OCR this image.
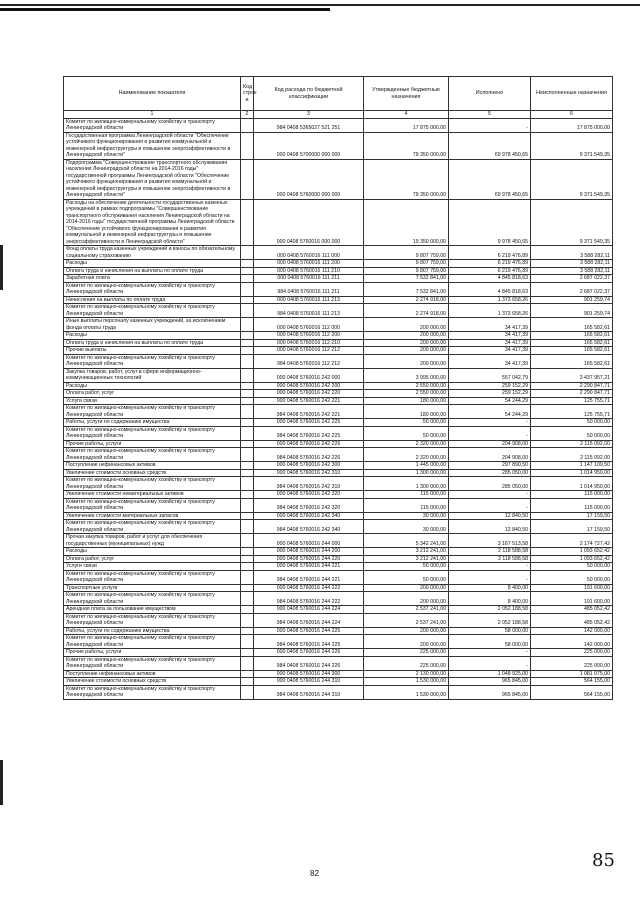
Наименование показателя	Код строк и	Код расхода по бюджетной классификации	Утвержденные бюджетные назначения	Исполнено	Неисполненные назначения
1	2	3	4	5	6
Комитет по жилищно-коммунальному хозяйству и транспорту Ленинградской области		984 0408 5365027 521 251	17 875 000,00	-	17 875 000,00
Государственная программа Ленинградской области "Обеспечение устойчивого функционирования и развития коммунальной и инженерной инфраструктуры и повышение энергоэффективности в Ленинградской области"		000 0408 5700000 000 000	79 350 000,00	69 978 450,65	9 371 549,35
Подпрограмма "Совершенствование транспортного обслуживания населения Ленинградской области на 2014-2016 годы" государственной программы Ленинградской области "Обеспечение устойчивого функционирования и развития коммунальной и инженерной инфраструктуры и повышение энергоэффективности в Ленинградской области"		000 0408 5760000 000 000	79 350 000,00	69 978 450,65	9 371 549,35
Расходы на обеспечение деятельности государственных казенных учреждений в рамках подпрограммы "Совершенствование транспортного обслуживания населения Ленинградской области на 2014-2016 годы" государственной программы Ленинградской области "Обеспечение устойчивого функционирования и развития коммунальной и инженерной инфраструктуры и повышение энергоэффективности в Ленинградской области"		000 0408 5760016 000 000	19 350 000,00	9 978 450,65	9 371 549,35
Фонд оплаты труда казенных учреждений и взносы по обязательному социальному страхованию		000 0408 5760016 111 000	9 807 759,00	6 219 476,89	3 588 282,11
Расходы		000 0408 5760016 111 200	9 807 759,00	6 219 476,89	3 588 282,11
Оплата труда и начисления на выплаты по оплате труда		000 0408 5760016 111 210	9 807 759,00	6 219 476,89	3 588 282,11
Заработная плата		000 0408 5760016 111 211	7 532 841,00	4 845 818,63	2 687 022,37
Комитет по жилищно-коммунальному хозяйству и транспорту Ленинградской области		984 0408 5760016 111 211	7 532 841,00	4 845 818,63	2 687 022,37
Начисления на выплаты по оплате труда		000 0408 5760016 111 213	2 274 918,00	1 373 658,26	901 259,74
Комитет по жилищно-коммунальному хозяйству и транспорту Ленинградской области		984 0408 5760016 111 213	2 274 918,00	1 373 658,26	901 259,74
Иные выплаты персоналу казенных учреждений, за исключением фонда оплаты труда		000 0408 5760016 112 000	200 000,00	34 417,39	165 582,61
Расходы		000 0408 5760016 112 200	200 000,00	34 417,39	165 582,61
Оплата труда и начисления на выплаты по оплате труда		000 0408 5760016 112 210	200 000,00	34 417,39	165 582,61
Прочие выплаты		000 0408 5760016 112 212	200 000,00	34 417,39	165 582,61
Комитет по жилищно-коммунальному хозяйству и транспорту Ленинградской области		984 0408 5760016 112 212	200 000,00	34 417,39	165 582,61
Закупка товаров, работ, услуг в сфере информационно-коммуникационных технологий		000 0408 5760016 242 000	3 995 000,00	557 042,79	3 437 957,21
Расходы		000 0408 5760016 242 200	2 550 000,00	259 152,29	2 290 847,71
Оплата работ, услуг		000 0408 5760016 242 220	2 550 000,00	259 152,29	2 290 847,71
Услуги связи		000 0408 5760016 242 221	180 000,00	54 244,29	125 755,71
Комитет по жилищно-коммунальному хозяйству и транспорту Ленинградской области		984 0408 5760016 242 221	180 000,00	54 244,29	125 755,71
Работы, услуги по содержанию имущества		000 0408 5760016 242 225	50 000,00	-	50 000,00
Комитет по жилищно-коммунальному хозяйству и транспорту Ленинградской области		984 0408 5760016 242 225	50 000,00	-	50 000,00
Прочие работы, услуги		000 0408 5760016 242 226	2 320 000,00	204 908,00	2 115 092,00
Комитет по жилищно-коммунальному хозяйству и транспорту Ленинградской области		984 0408 5760016 242 226	2 320 000,00	204 908,00	2 115 092,00
Поступление нефинансовых активов		000 0408 5760016 242 300	1 445 000,00	297 890,50	1 147 109,50
Увеличение стоимости основных средств		000 0408 5760016 242 310	1 300 000,00	285 050,00	1 014 950,00
Комитет по жилищно-коммунальному хозяйству и транспорту Ленинградской области		984 0408 5760016 242 310	1 300 000,00	285 050,00	1 014 950,00
Увеличение стоимости нематериальных активов		000 0408 5760016 242 320	115 000,00	-	115 000,00
Комитет по жилищно-коммунальному хозяйству и транспорту Ленинградской области		984 0408 5760016 242 320	115 000,00	-	115 000,00
Увеличение стоимости материальных запасов		000 0408 5760016 242 340	30 000,00	12 840,50	17 159,50
Комитет по жилищно-коммунальному хозяйству и транспорту Ленинградской области		984 0408 5760016 242 340	30 000,00	12 840,50	17 159,50
Прочая закупка товаров, работ и услуг для обеспечения государственных (муниципальных) нужд		000 0408 5760016 244 000	5 342 241,00	3 167 513,58	2 174 727,42
Расходы		000 0408 5760016 244 200	3 212 241,00	2 118 588,58	1 093 652,42
Оплата работ, услуг		000 0408 5760016 244 220	3 212 241,00	2 118 588,58	1 093 652,42
Услуги связи		000 0408 5760016 244 221	50 000,00	-	50 000,00
Комитет по жилищно-коммунальному хозяйству и транспорту Ленинградской области		984 0408 5760016 244 221	50 000,00	-	50 000,00
Транспортные услуги		000 0408 5760016 244 222	200 000,00	8 400,00	191 600,00
Комитет по жилищно-коммунальному хозяйству и транспорту Ленинградской области		984 0408 5760016 244 222	200 000,00	8 400,00	191 600,00
Арендная плата за пользование имуществом		000 0408 5760016 244 224	2 537 241,00	2 052 188,58	485 052,42
Комитет по жилищно-коммунальному хозяйству и транспорту Ленинградской области		984 0408 5760016 244 224	2 537 241,00	2 052 188,58	485 052,42
Работы, услуги по содержанию имущества		000 0408 5760016 244 225	200 000,00	58 000,00	142 000,00
Комитет по жилищно-коммунальному хозяйству и транспорту Ленинградской области		984 0408 5760016 244 225	200 000,00	58 000,00	142 000,00
Прочие работы, услуги		000 0408 5760016 244 226	225 000,00	-	225 000,00
Комитет по жилищно-коммунальному хозяйству и транспорту Ленинградской области		984 0408 5760016 244 226	225 000,00	-	225 000,00
Поступление нефинансовых активов		000 0408 5760016 244 300	2 130 000,00	1 048 925,00	1 081 075,00
Увеличение стоимости основных средств		000 0408 5760016 244 310	1 530 000,00	965 845,00	564 155,00
Комитет по жилищно-коммунальному хозяйству и транспорту Ленинградской области		984 0408 5760016 244 310	1 530 000,00	965 845,00	564 155,00
82
85
